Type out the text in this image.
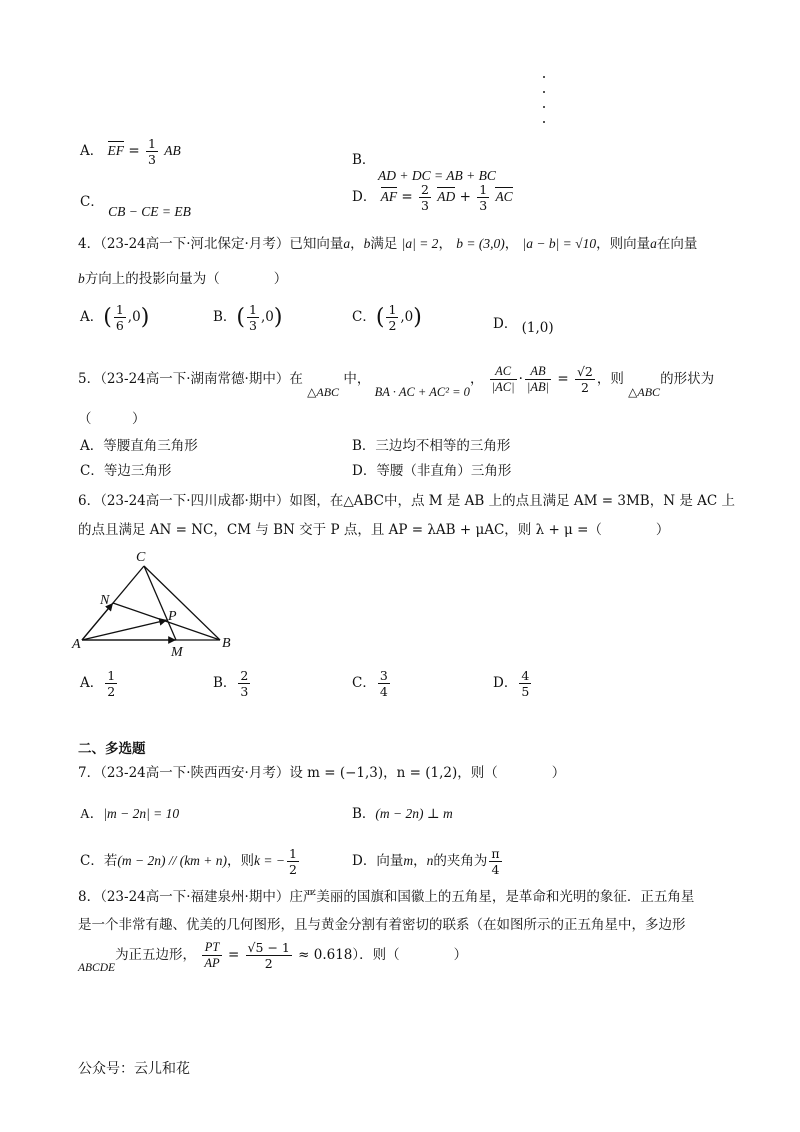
A． EF = $\frac{1}{3}$ AB
B．
AD + DC = AB + BC
C． CB − CE = EB
D． AF = $\frac{2}{3}$ AD + $\frac{1}{3}$ AC
4．（23-24高一下·河北保定·月考）已知向量a，b满足 |a| = 2， b = (3,0)， |a − b| = √10，则向量a在向量
b方向上的投影向量为（　　　　）
A．( $\frac{1}{6} ,0$)	B．( $\frac{1}{3} ,0$)	C．( $\frac{1}{2} ,0$)	D． (1,0)
5．（23-24高一下·湖南常德·期中）在 △ABC 中， BA · AC + AC² = 0， $\frac{AC}{|AC|} \cdot \frac{AB}{|AB|} = \frac{√2}{2}$ ，则 △ABC的形状为
（　　　）
A．等腰直角三角形	B．三边均不相等的三角形
C．等边三角形	D．等腰（非直角）三角形
6．（23-24高一下·四川成都·期中）如图，在△ABC中，点 M 是 AB 上的点且满足 AM = 3MB，N 是 AC 上
的点且满足 AN = NC，CM 与 BN 交于 P 点，且 AP = λAB + μAC，则 λ + μ =（　　　　）
C
N
P
A
M
B
A． $\frac{1}{2}$	B． $\frac{2}{3}$	C． $\frac{3}{4}$	D． $\frac{4}{5}$
二、多选题
7．（23-24高一下·陕西西安·月考）设 m = (−1,3)，n = (1,2)，则（　　　　）
A．|m − 2n| = 10	B．(m − 2n) ⊥ m
C．若(m − 2n) // (km + n)，则k = − $\frac{1}{2}$	D．向量m，n的夹角为 $\frac{\pi}{4}$
8．（23-24高一下·福建泉州·期中）庄严美丽的国旗和国徽上的五角星，是革命和光明的象征．正五角星
是一个非常有趣、优美的几何图形，且与黄金分割有着密切的联系（在如图所示的正五角星中，多边形
ABCDE为正五边形， $\frac{PT}{AP} = \frac{√5 - 1}{2} \approx 0.618$）．则（　　　　）
公众号：云儿和花
